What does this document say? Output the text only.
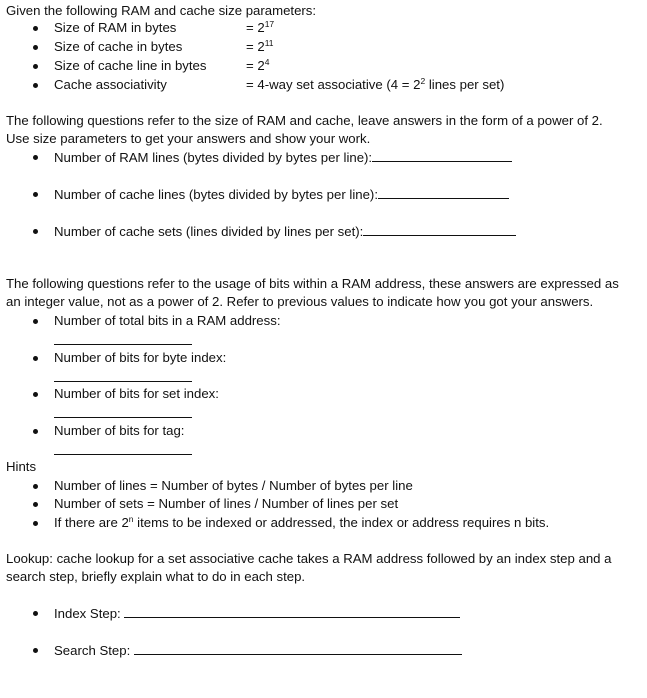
Given the following RAM and cache size parameters:
Size of RAM in bytes	= $2^{17}$
Size of cache in bytes	= $2^{11}$
Size of cache line in bytes	= $2^4$
Cache associativity	= 4-way set associative ($4 = 2^2$ lines per set)
The following questions refer to the size of RAM and cache, leave answers in the form of a power of 2.
Use size parameters to get your answers and show your work.
Number of RAM lines (bytes divided by bytes per line):
Number of cache lines (bytes divided by bytes per line):
Number of cache sets (lines divided by lines per set):
The following questions refer to the usage of bits within a RAM address, these answers are expressed as
an integer value, not as a power of 2. Refer to previous values to indicate how you got your answers.
Number of total bits in a RAM address:
Number of bits for byte index:
Number of bits for set index:
Number of bits for tag:
Hints
Number of lines = Number of bytes / Number of bytes per line
Number of sets = Number of lines / Number of lines per set
If there are 2$^n$ items to be indexed or addressed, the index or address requires n bits.
Lookup: cache lookup for a set associative cache takes a RAM address followed by an index step and a
search step, briefly explain what to do in each step.
Index Step:
Search Step:
